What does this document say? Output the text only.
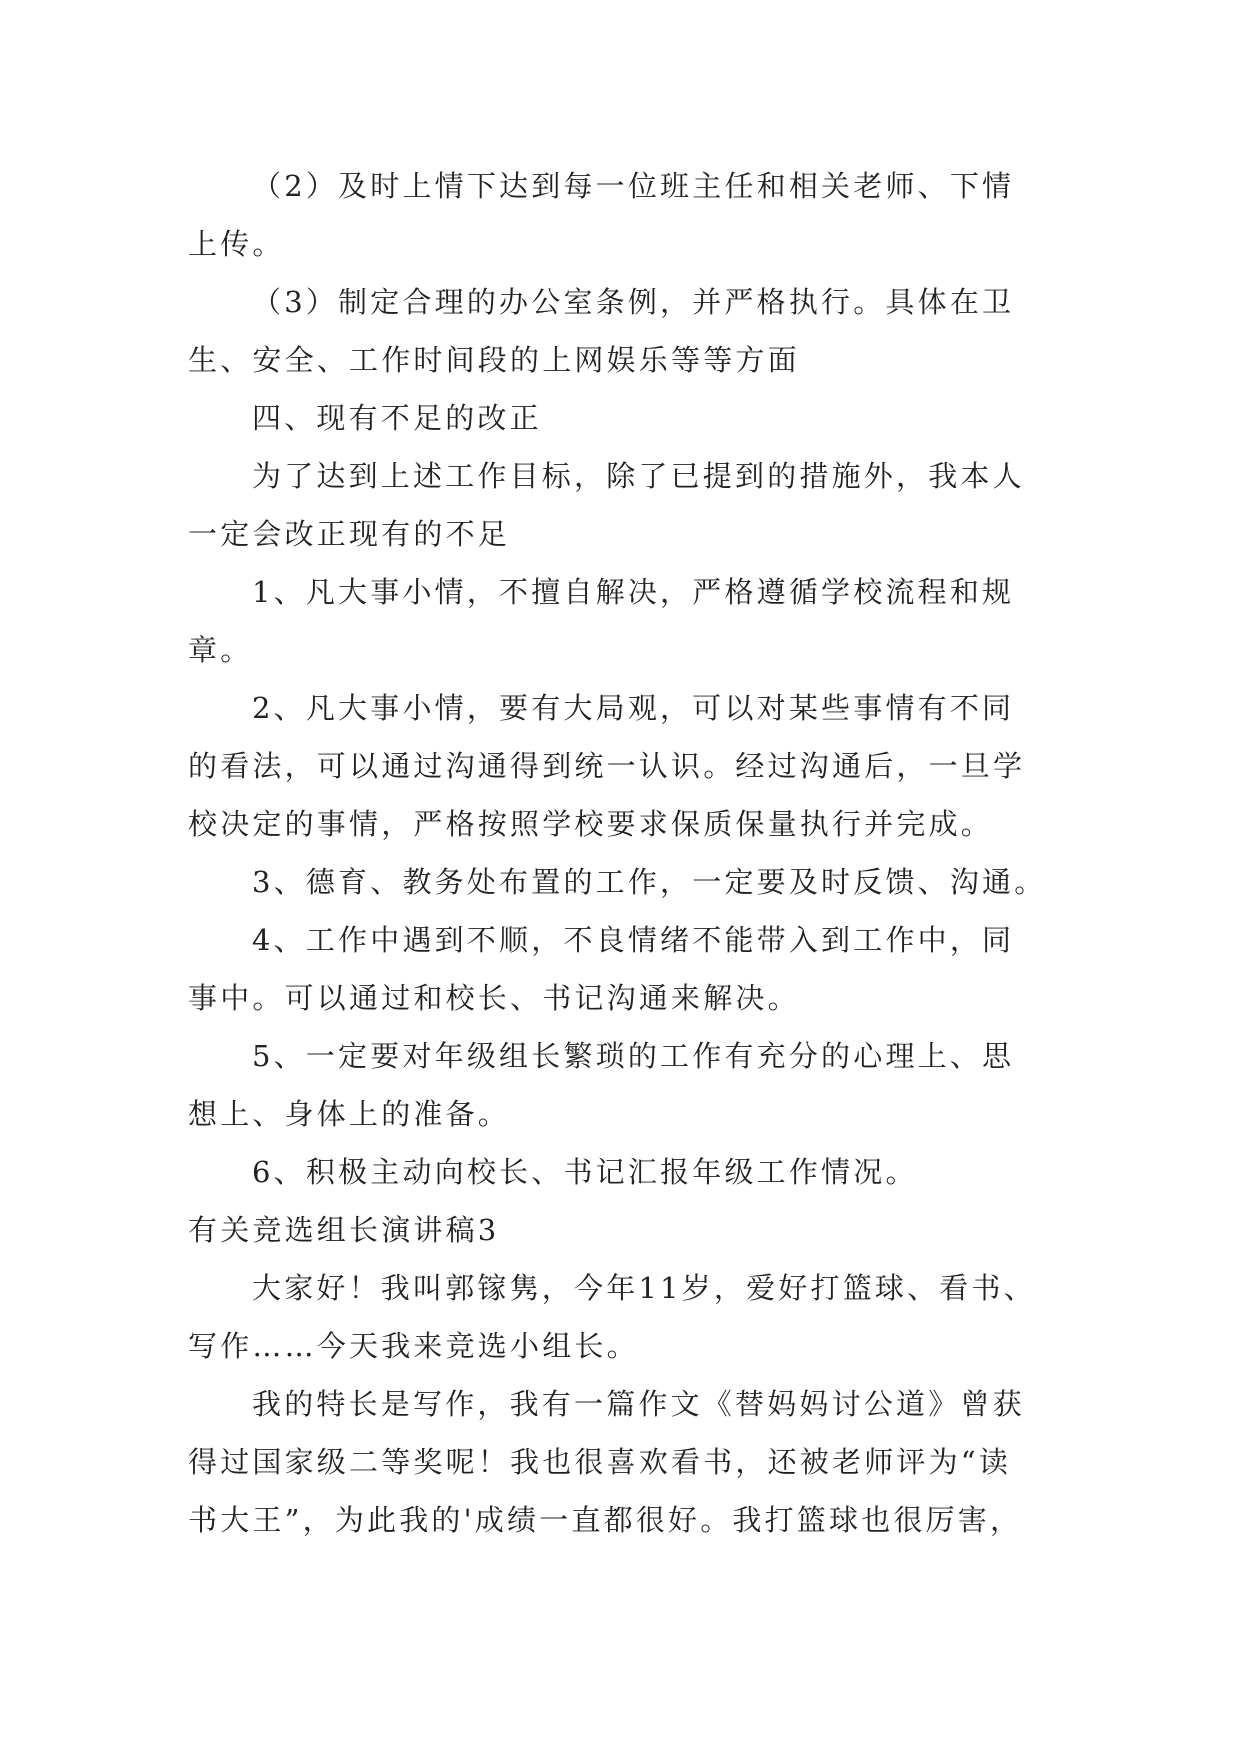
（2）及时上情下达到每一位班主任和相关老师、下情

上传。

（3）制定合理的办公室条例，并严格执行。具体在卫

生、安全、工作时间段的上网娱乐等等方面

四、现有不足的改正

为了达到上述工作目标，除了已提到的措施外，我本人

一定会改正现有的不足

1、凡大事小情，不擅自解决，严格遵循学校流程和规

章。

2、凡大事小情，要有大局观，可以对某些事情有不同

的看法，可以通过沟通得到统一认识。经过沟通后，一旦学

校决定的事情，严格按照学校要求保质保量执行并完成。

3、德育、教务处布置的工作，一定要及时反馈、沟通。

4、工作中遇到不顺，不良情绪不能带入到工作中，同

事中。可以通过和校长、书记沟通来解决。

5、一定要对年级组长繁琐的工作有充分的心理上、思

想上、身体上的准备。

6、积极主动向校长、书记汇报年级工作情况。

有关竞选组长演讲稿3

大家好！我叫郭镓隽，今年11岁，爱好打篮球、看书、

写作……今天我来竞选小组长。

我的特长是写作，我有一篇作文《替妈妈讨公道》曾获

得过国家级二等奖呢！我也很喜欢看书，还被老师评为“读

书大王”，为此我的'成绩一直都很好。我打篮球也很厉害，
